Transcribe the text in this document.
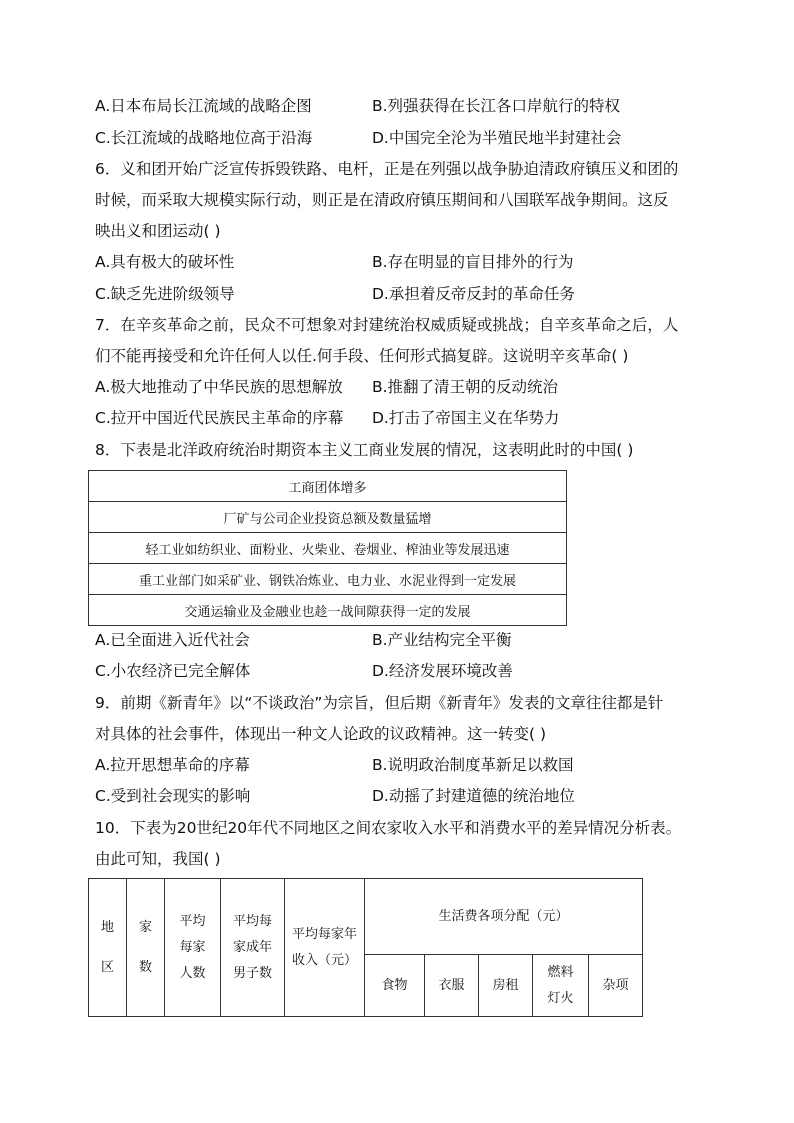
A.日本布局长江流域的战略企图	B.列强获得在长江各口岸航行的特权
C.长江流域的战略地位高于沿海	D.中国完全沦为半殖民地半封建社会
6．义和团开始广泛宣传拆毁铁路、电杆，正是在列强以战争胁迫清政府镇压义和团的
时候，而采取大规模实际行动，则正是在清政府镇压期间和八国联军战争期间。这反
映出义和团运动( )
A.具有极大的破坏性	B.存在明显的盲目排外的行为
C.缺乏先进阶级领导	D.承担着反帝反封的革命任务
7．在辛亥革命之前，民众不可想象对封建统治权威质疑或挑战；自辛亥革命之后，人
们不能再接受和允许任何人以任.何手段、任何形式搞复辟。这说明辛亥革命( )
A.极大地推动了中华民族的思想解放 B.推翻了清王朝的反动统治
C.拉开中国近代民族民主革命的序幕 D.打击了帝国主义在华势力
8．下表是北洋政府统治时期资本主义工商业发展的情况，这表明此时的中国( )
工商团体增多
厂矿与公司企业投资总额及数量猛增
轻工业如纺织业、面粉业、火柴业、卷烟业、榨油业等发展迅速
重工业部门如采矿业、钢铁冶炼业、电力业、水泥业得到一定发展
交通运输业及金融业也趁一战间隙获得一定的发展
A.已全面进入近代社会	B.产业结构完全平衡
C.小农经济已完全解体	D.经济发展环境改善
9．前期《新青年》以“不谈政治”为宗旨，但后期《新青年》发表的文章往往都是针
对具体的社会事件，体现出一种文人论政的议政精神。这一转变( )
A.拉开思想革命的序幕	B.说明政治制度革新足以救国
C.受到社会现实的影响	D.动摇了封建道德的统治地位
10．下表为20世纪20年代不同地区之间农家收入水平和消费水平的差异情况分析表。
由此可知，我国( )
地区	家数	平均每家人数	平均每家成年男子数	平均每家年收入（元）	生活费各项分配（元）				
					食物	衣服	房租	燃料灯火	杂项
